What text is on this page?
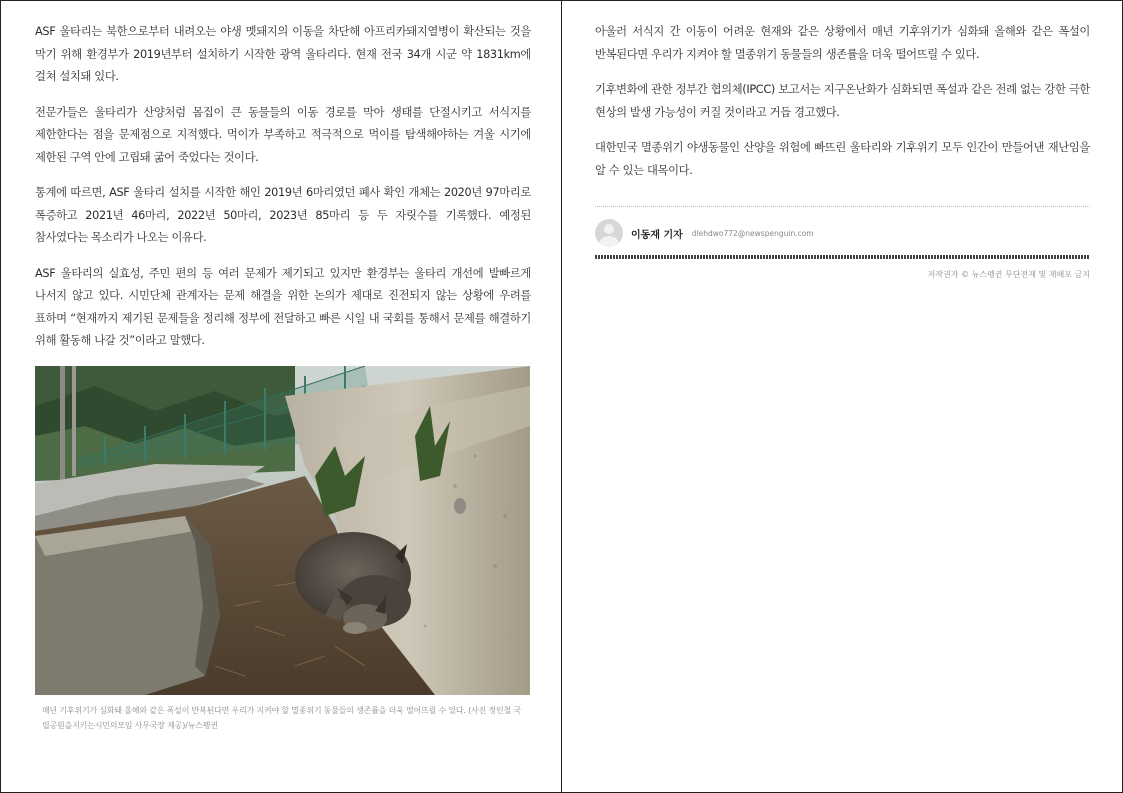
ASF 울타리는 북한으로부터 내려오는 야생 멧돼지의 이동을 차단해 아프리카돼지열병이 확산되는 것을 막기 위해 환경부가 2019년부터 설치하기 시작한 광역 울타리다. 현재 전국 34개 시군 약 1831km에 걸쳐 설치돼 있다.

전문가들은 울타리가 산양처럼 몸집이 큰 동물들의 이동 경로를 막아 생태를 단절시키고 서식지를 제한한다는 점을 문제점으로 지적했다. 먹이가 부족하고 적극적으로 먹이를 탐색해야하는 겨울 시기에 제한된 구역 안에 고립돼 굶어 죽었다는 것이다.

통계에 따르면, ASF 울타리 설치를 시작한 해인 2019년 6마리였던 폐사 확인 개체는 2020년 97마리로 폭증하고 2021년 46마리, 2022년 50마리, 2023년 85마리 등 두 자릿수를 기록했다. 예정된 참사였다는 목소리가 나오는 이유다.

ASF 울타리의 실효성, 주민 편의 등 여러 문제가 제기되고 있지만 환경부는 울타리 개선에 발빠르게 나서지 않고 있다. 시민단체 관계자는 문제 해결을 위한 논의가 제대로 진전되지 않는 상황에 우려를 표하며 “현재까지 제기된 문제들을 정리해 정부에 전달하고 빠른 시일 내 국회를 통해서 문제를 해결하기 위해 활동해 나갈 것”이라고 말했다.

매년 기후위기가 심화돼 올해와 같은 폭설이 반복된다면 우리가 지켜야 할 멸종위기 동물들의 생존률을 더욱 떨어뜨릴 수 있다. (사진 정인철 국립공원을지키는시민의모임 사무국장 제공)/뉴스펭귄

아울러 서식지 간 이동이 어려운 현재와 같은 상황에서 매년 기후위기가 심화돼 올해와 같은 폭설이 반복된다면 우리가 지켜야 할 멸종위기 동물들의 생존률을 더욱 떨어뜨릴 수 있다.

기후변화에 관한 정부간 협의체(IPCC) 보고서는 지구온난화가 심화되면 폭설과 같은 전례 없는 강한 극한 현상의 발생 가능성이 커질 것이라고 거듭 경고했다.

대한민국 멸종위기 야생동물인 산양을 위험에 빠뜨린 울타리와 기후위기 모두 인간이 만들어낸 재난임을 알 수 있는 대목이다.

이동재 기자 dlehdwo772@newspenguin.com
저작권자 © 뉴스펭귄 무단전재 및 재배포 금지
